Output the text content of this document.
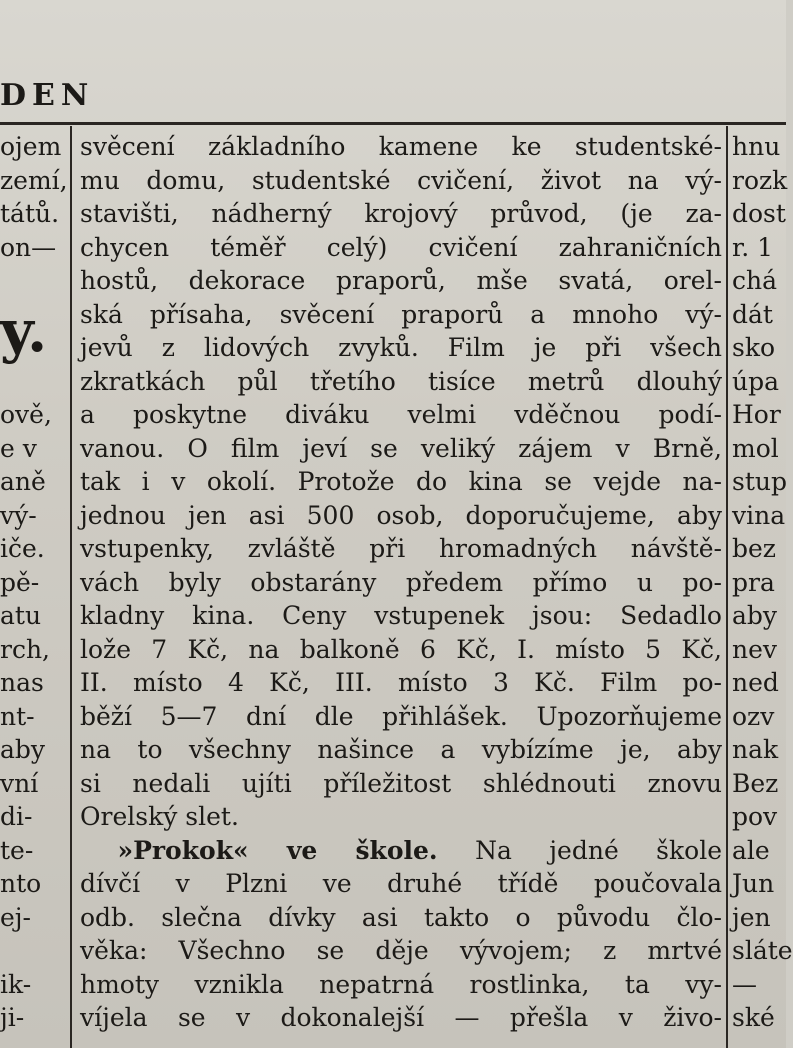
DEN
ojem
zemí,
tátů.
on—
y.
ově,
e v
aně
vý-
iče.
pě-
atu
rch,
nas
nt-
aby
vní
di-
te-
nto
ej-
ik-
ji-
svěcení základního kamene ke studentské-
mu domu, studentské cvičení, život na vý-
stavišti, nádherný krojový průvod, (je za-
chycen téměř celý) cvičení zahraničních
hostů, dekorace praporů, mše svatá, orel-
ská přísaha, svěcení praporů a mnoho vý-
jevů z lidových zvyků. Film je při všech
zkratkách půl třetího tisíce metrů dlouhý
a poskytne diváku velmi vděčnou podí-
vanou. O film jeví se veliký zájem v Brně,
tak i v okolí. Protože do kina se vejde na-
jednou jen asi 500 osob, doporučujeme, aby
vstupenky, zvláště při hromadných návště-
vách byly obstarány předem přímo u po-
kladny kina. Ceny vstupenek jsou: Sedadlo
lože 7 Kč, na balkoně 6 Kč, I. místo 5 Kč,
II. místo 4 Kč, III. místo 3 Kč. Film po-
běží 5—7 dní dle přihlášek. Upozorňujeme
na to všechny našince a vybízíme je, aby
si nedali ujíti příležitost shlédnouti znovu
Orelský slet.
»Prokok« ve škole. Na jedné škole
dívčí v Plzni ve druhé třídě poučovala
odb. slečna dívky asi takto o původu člo-
věka: Všechno se děje vývojem; z mrtvé
hmoty vznikla nepatrná rostlinka, ta vy-
víjela se v dokonalejší — přešla v živo-
hnu
rozk
dost
r. 1
chá
dát
sko
úpa
Hor
mol
stup
vina
bez
pra
aby
nev
ned
ozv
nak
Bez
pov
ale
Jun
jen
sláte
—
ské
